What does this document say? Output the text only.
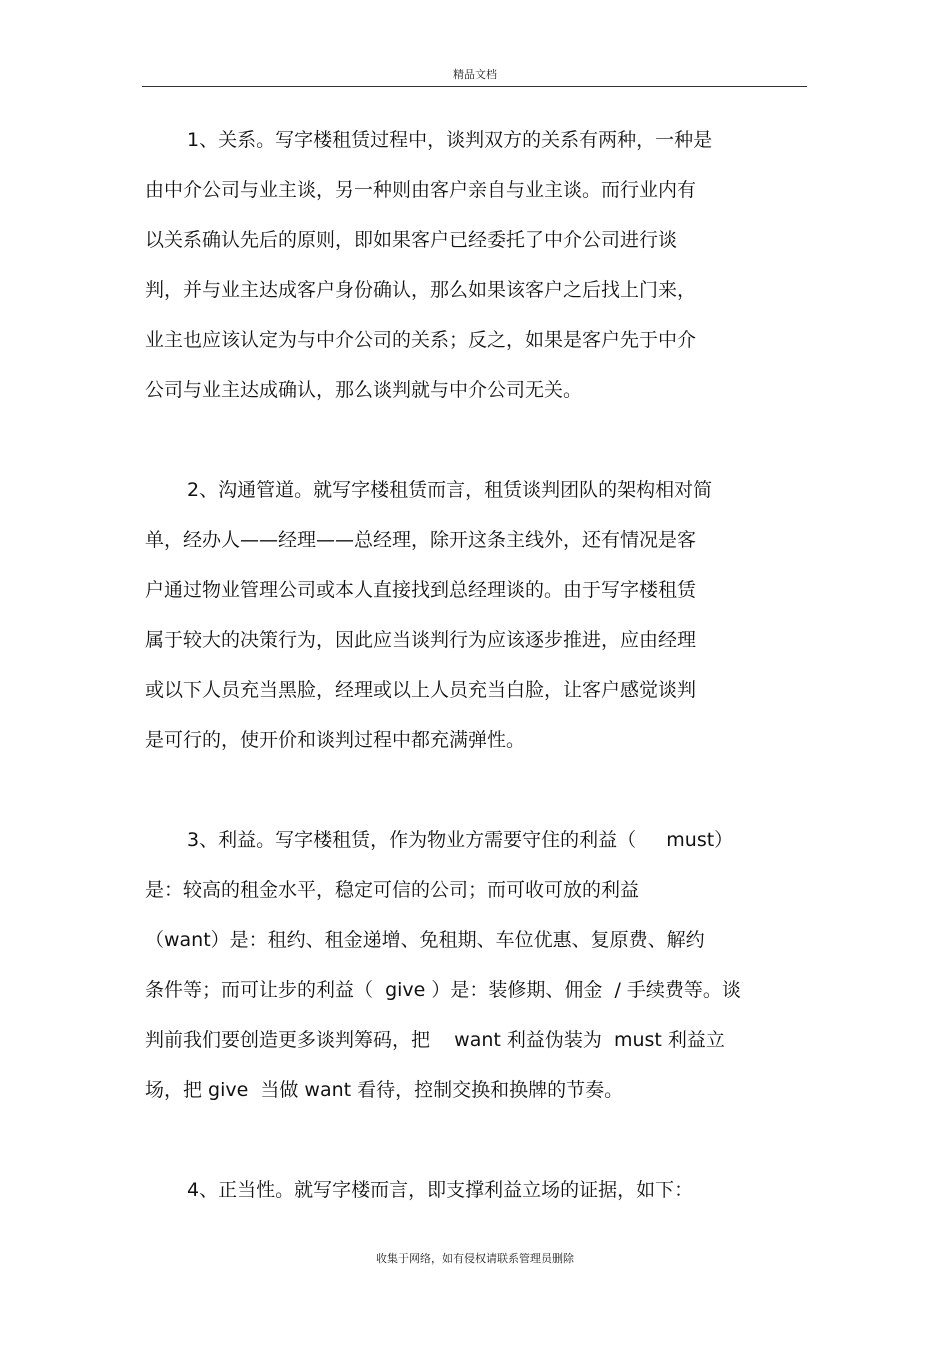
精品文档
1、关系。写字楼租赁过程中，谈判双方的关系有两种，一种是
由中介公司与业主谈，另一种则由客户亲自与业主谈。而行业内有
以关系确认先后的原则，即如果客户已经委托了中介公司进行谈
判，并与业主达成客户身份确认，那么如果该客户之后找上门来，
业主也应该认定为与中介公司的关系；反之，如果是客户先于中介
公司与业主达成确认，那么谈判就与中介公司无关。
2、沟通管道。就写字楼租赁而言，租赁谈判团队的架构相对简
单，经办人——经理——总经理，除开这条主线外，还有情况是客
户通过物业管理公司或本人直接找到总经理谈的。由于写字楼租赁
属于较大的决策行为，因此应当谈判行为应该逐步推进，应由经理
或以下人员充当黑脸，经理或以上人员充当白脸，让客户感觉谈判
是可行的，使开价和谈判过程中都充满弹性。
3、利益。写字楼租赁，作为物业方需要守住的利益（     must）
是：较高的租金水平，稳定可信的公司；而可收可放的利益
（want）是：租约、租金递增、免租期、车位优惠、复原费、解约
条件等；而可让步的利益（  give ）是：装修期、佣金  / 手续费等。谈
判前我们要创造更多谈判筹码，把    want 利益伪装为  must 利益立
场，把 give  当做 want 看待，控制交换和换牌的节奏。
4、正当性。就写字楼而言，即支撑利益立场的证据，如下：
收集于网络，如有侵权请联系管理员删除
